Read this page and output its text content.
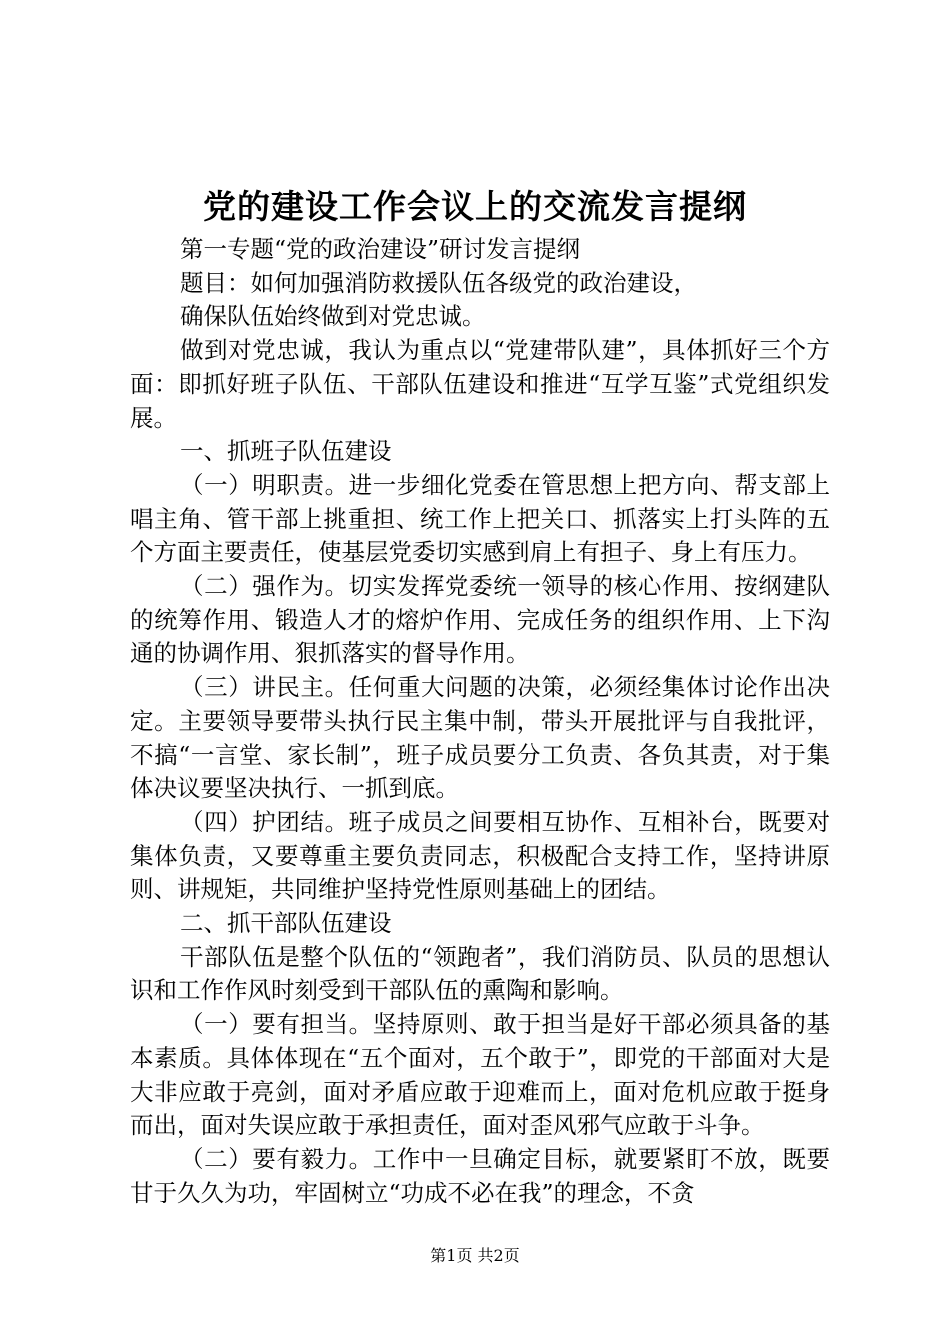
党的建设工作会议上的交流发言提纲

第一专题“党的政治建设”研讨发言提纲

题目：如何加强消防救援队伍各级党的政治建设，

确保队伍始终做到对党忠诚。

做到对党忠诚，我认为重点以“党建带队建”，具体抓好三个方面：即抓好班子队伍、干部队伍建设和推进“互学互鉴”式党组织发展。

一、抓班子队伍建设

（一）明职责。进一步细化党委在管思想上把方向、帮支部上唱主角、管干部上挑重担、统工作上把关口、抓落实上打头阵的五个方面主要责任，使基层党委切实感到肩上有担子、身上有压力。

（二）强作为。切实发挥党委统一领导的核心作用、按纲建队的统筹作用、锻造人才的熔炉作用、完成任务的组织作用、上下沟通的协调作用、狠抓落实的督导作用。

（三）讲民主。任何重大问题的决策，必须经集体讨论作出决定。主要领导要带头执行民主集中制，带头开展批评与自我批评，不搞“一言堂、家长制”，班子成员要分工负责、各负其责，对于集体决议要坚决执行、一抓到底。

（四）护团结。班子成员之间要相互协作、互相补台，既要对集体负责，又要尊重主要负责同志，积极配合支持工作，坚持讲原则、讲规矩，共同维护坚持党性原则基础上的团结。

二、抓干部队伍建设

干部队伍是整个队伍的“领跑者”，我们消防员、队员的思想认识和工作作风时刻受到干部队伍的熏陶和影响。

（一）要有担当。坚持原则、敢于担当是好干部必须具备的基本素质。具体体现在“五个面对，五个敢于”，即党的干部面对大是大非应敢于亮剑，面对矛盾应敢于迎难而上，面对危机应敢于挺身而出，面对失误应敢于承担责任，面对歪风邪气应敢于斗争。

（二）要有毅力。工作中一旦确定目标，就要紧盯不放，既要甘于久久为功，牢固树立“功成不必在我”的理念，不贪

第1页 共2页
